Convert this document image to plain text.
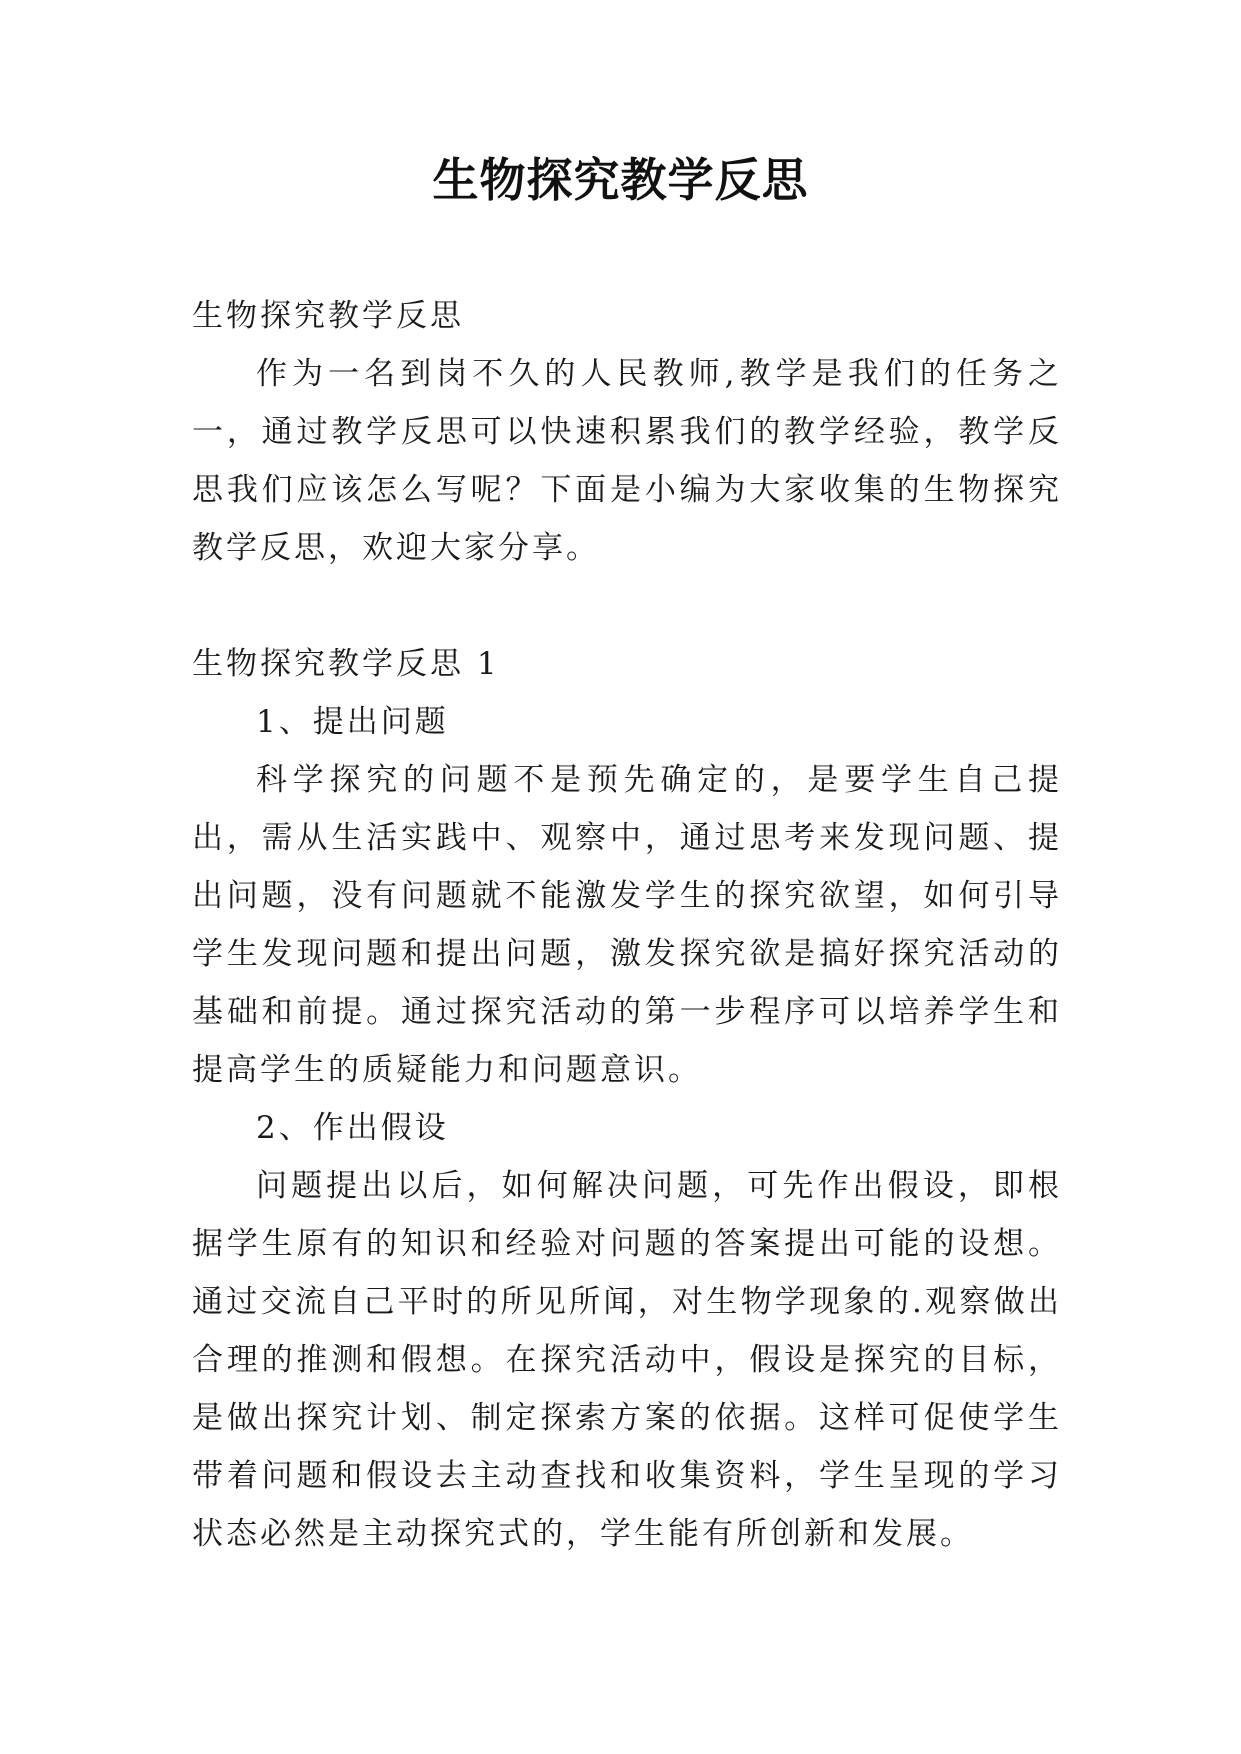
生物探究教学反思

生物探究教学反思

作为一名到岗不久的人民教师,教学是我们的任务之一，通过教学反思可以快速积累我们的教学经验，教学反思我们应该怎么写呢？下面是小编为大家收集的生物探究教学反思，欢迎大家分享。

生物探究教学反思 1

1、提出问题

科学探究的问题不是预先确定的，是要学生自己提出，需从生活实践中、观察中，通过思考来发现问题、提出问题，没有问题就不能激发学生的探究欲望，如何引导学生发现问题和提出问题，激发探究欲是搞好探究活动的基础和前提。通过探究活动的第一步程序可以培养学生和提高学生的质疑能力和问题意识。

2、作出假设

问题提出以后，如何解决问题，可先作出假设，即根据学生原有的知识和经验对问题的答案提出可能的设想。通过交流自己平时的所见所闻，对生物学现象的.观察做出合理的推测和假想。在探究活动中，假设是探究的目标，是做出探究计划、制定探索方案的依据。这样可促使学生带着问题和假设去主动查找和收集资料，学生呈现的学习状态必然是主动探究式的，学生能有所创新和发展。
